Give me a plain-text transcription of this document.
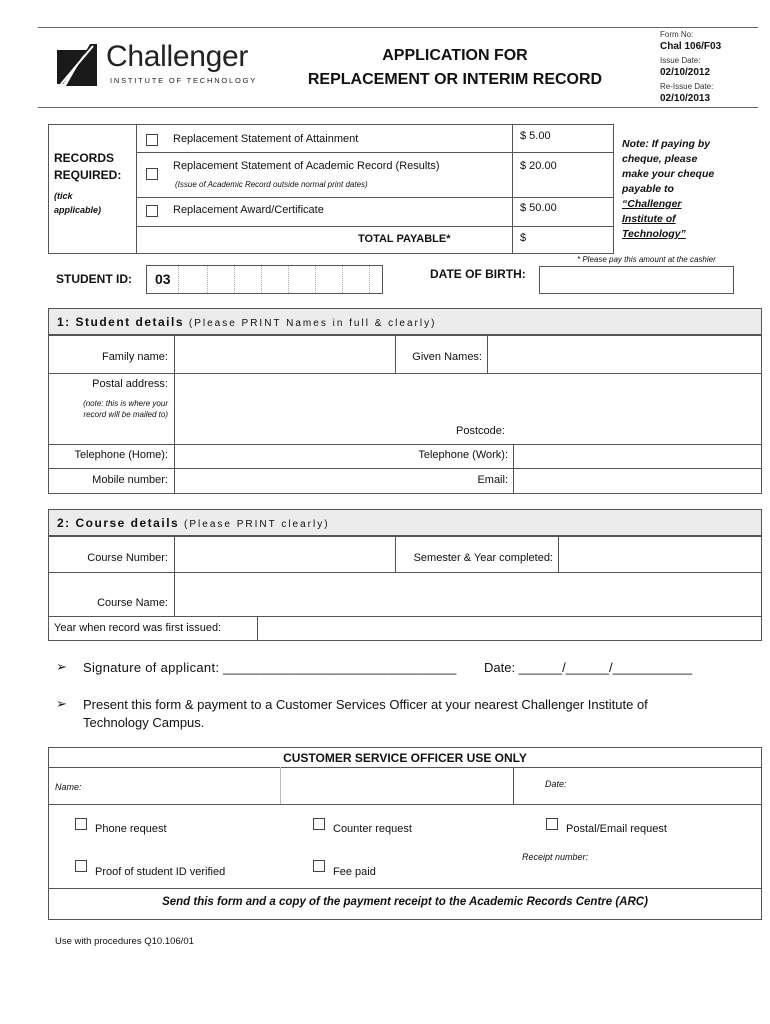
Challenger
INSTITUTE OF TECHNOLOGY
APPLICATION FOR
REPLACEMENT OR INTERIM RECORD
Form No:
Chal 106/F03
Issue Date:
02/10/2012
Re-Issue Date:
02/10/2013
RECORDS
REQUIRED:
(tick
applicable)
Replacement Statement of Attainment	$ 5.00
Replacement Statement of Academic Record (Results)
(Issue of Academic Record outside normal print dates)
$ 20.00
Replacement Award/Certificate	$ 50.00
TOTAL PAYABLE*	$
Note: If paying by
cheque, please
make your cheque
payable to
“Challenger
Institute of
Technology”
* Please pay this amount at the cashier
STUDENT ID: 03	DATE OF BIRTH:
1: Student details (Please PRINT Names in full & clearly)
Family name:	Given Names:
Postal address:
(note: this is where your
record will be mailed to)
Postcode:
Telephone (Home):	Telephone (Work):
Mobile number:	Email:
2: Course details (Please PRINT clearly)
Course Number:	Semester & Year completed:
Course Name:
Year when record was first issued:
➢ Signature of applicant: _______________________________ Date: ______/______/___________
➢ Present this form & payment to a Customer Services Officer at your nearest Challenger Institute of
Technology Campus.
CUSTOMER SERVICE OFFICER USE ONLY
Name:	Date:
Phone request	Counter request	Postal/Email request
Receipt number:
Proof of student ID verified	Fee paid
Send this form and a copy of the payment receipt to the Academic Records Centre (ARC)
Use with procedures Q10.106/01
